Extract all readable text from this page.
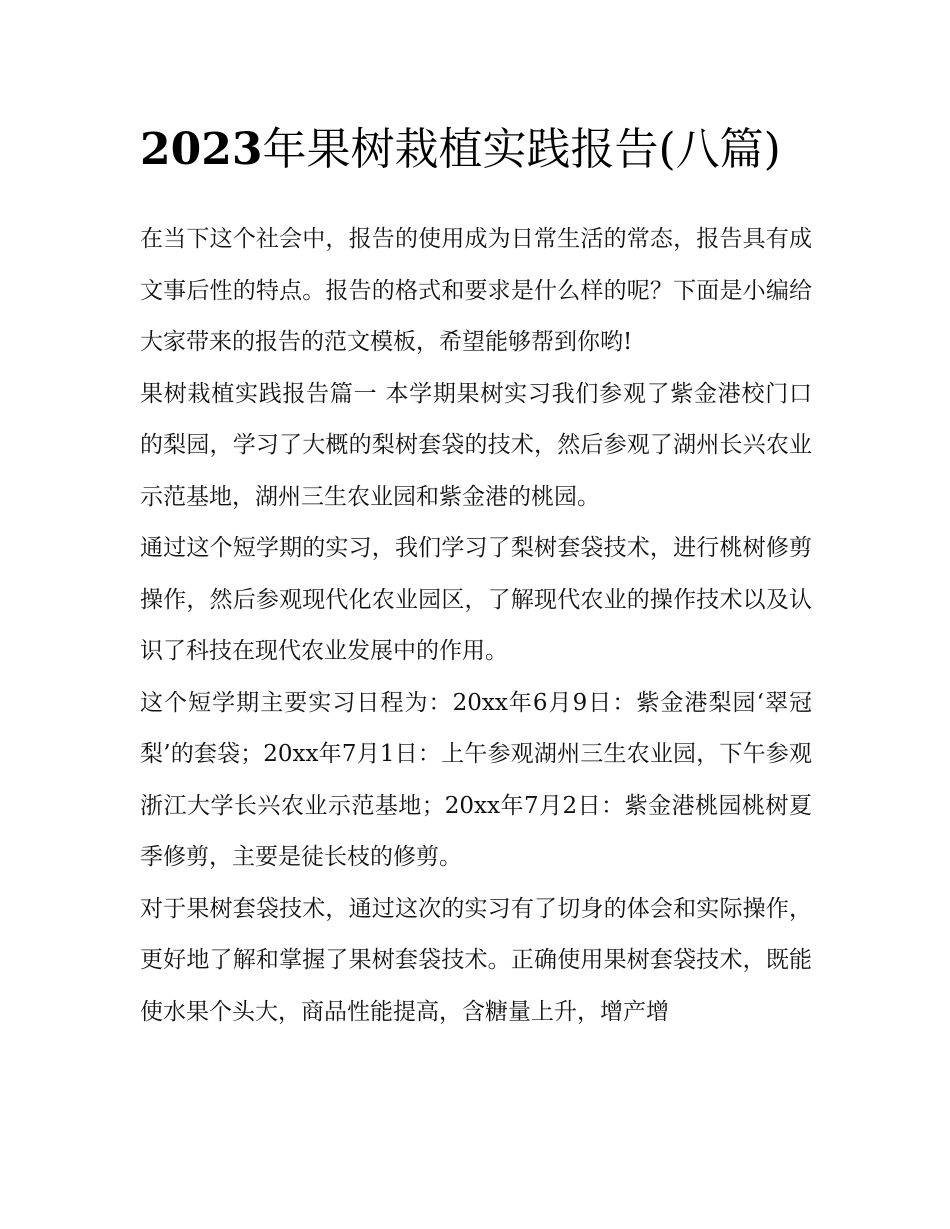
2023年果树栽植实践报告(八篇)

在当下这个社会中，报告的使用成为日常生活的常态，报告具有成文事后性的特点。报告的格式和要求是什么样的呢？下面是小编给大家带来的报告的范文模板，希望能够帮到你哟!

果树栽植实践报告篇一 本学期果树实习我们参观了紫金港校门口的梨园，学习了大概的梨树套袋的技术，然后参观了湖州长兴农业示范基地，湖州三生农业园和紫金港的桃园。

通过这个短学期的实习，我们学习了梨树套袋技术，进行桃树修剪操作，然后参观现代化农业园区，了解现代农业的操作技术以及认识了科技在现代农业发展中的作用。

这个短学期主要实习日程为：20xx年6月9日：紫金港梨园‘翠冠梨’的套袋；20xx年7月1日：上午参观湖州三生农业园，下午参观浙江大学长兴农业示范基地；20xx年7月2日：紫金港桃园桃树夏季修剪，主要是徒长枝的修剪。

对于果树套袋技术，通过这次的实习有了切身的体会和实际操作，更好地了解和掌握了果树套袋技术。正确使用果树套袋技术，既能使水果个头大，商品性能提高，含糖量上升，增产增
